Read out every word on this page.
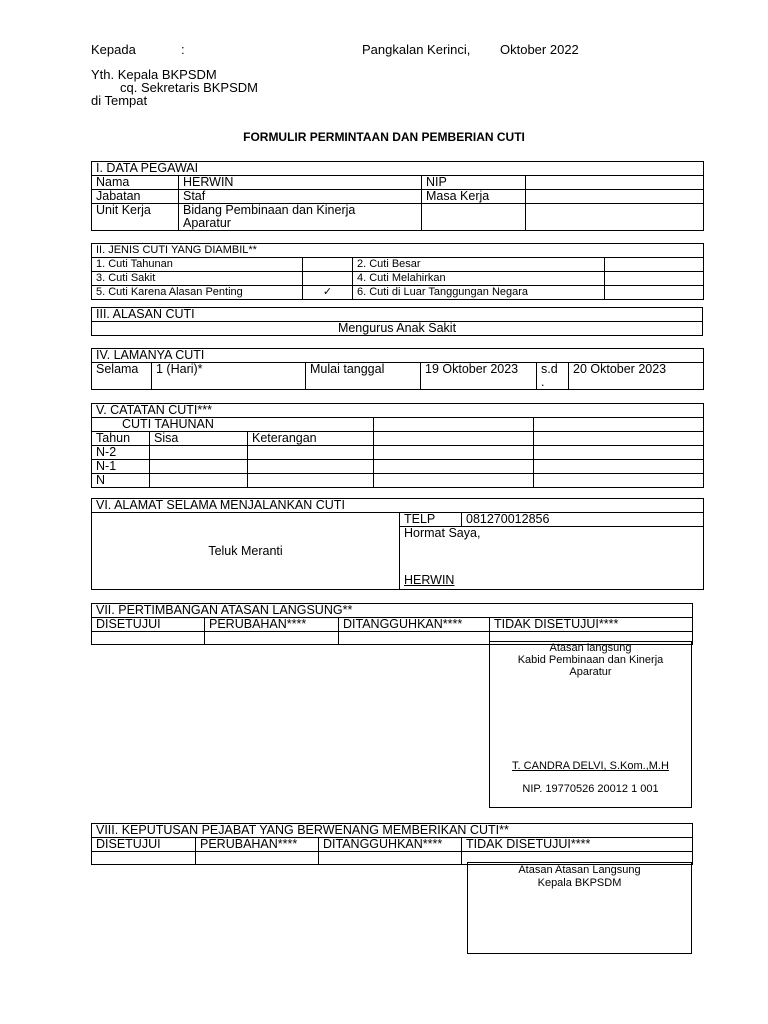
Kepada	:	Pangkalan Kerinci, Oktober 2022
Yth. Kepala BKPSDM
cq. Sekretaris BKPSDM
di Tempat
FORMULIR PERMINTAAN DAN PEMBERIAN CUTI
I. DATA PEGAWAI			
Nama	HERWIN	NIP	
Jabatan	Staf	Masa Kerja	
Unit Kerja	Bidang Pembinaan dan Kinerja
Aparatur		

II. JENIS CUTI YANG DIAMBIL**			
1. Cuti Tahunan		2. Cuti Besar	
3. Cuti Sakit		4. Cuti Melahirkan	
5. Cuti Karena Alasan Penting	✓	6. Cuti di Luar Tanggungan Negara	
III. ALASAN CUTI
Mengurus Anak Sakit
IV. LAMANYA CUTI
Selama	1 (Hari)*	Mulai tanggal	19 Oktober 2023	s.d
.
	20 Oktober 2023
V. CATATAN CUTI***				
CUTI TAHUNAN				
Tahun	Sisa	Keterangan		
N-2				
N-1				
N				
VI. ALAMAT SELAMA MENJALANKAN CUTI
Teluk Meranti	TELP	081270012856

Hormat Saya,
HERWIN
VII. PERTIMBANGAN ATASAN LANGSUNG**			
DISETUJUI	PERUBAHAN****	DITANGGUHKAN****	TIDAK DISETUJUI****

Atasan langsung
Kabid Pembinaan dan Kinerja
Aparatur
T. CANDRA DELVI, S.Kom.,M.H
NIP. 19770526 20012 1 001
VIII. KEPUTUSAN PEJABAT YANG BERWENANG MEMBERIKAN CUTI**			
DISETUJUI	PERUBAHAN****	DITANGGUHKAN****	TIDAK DISETUJUI****

Atasan Atasan Langsung
Kepala BKPSDM
